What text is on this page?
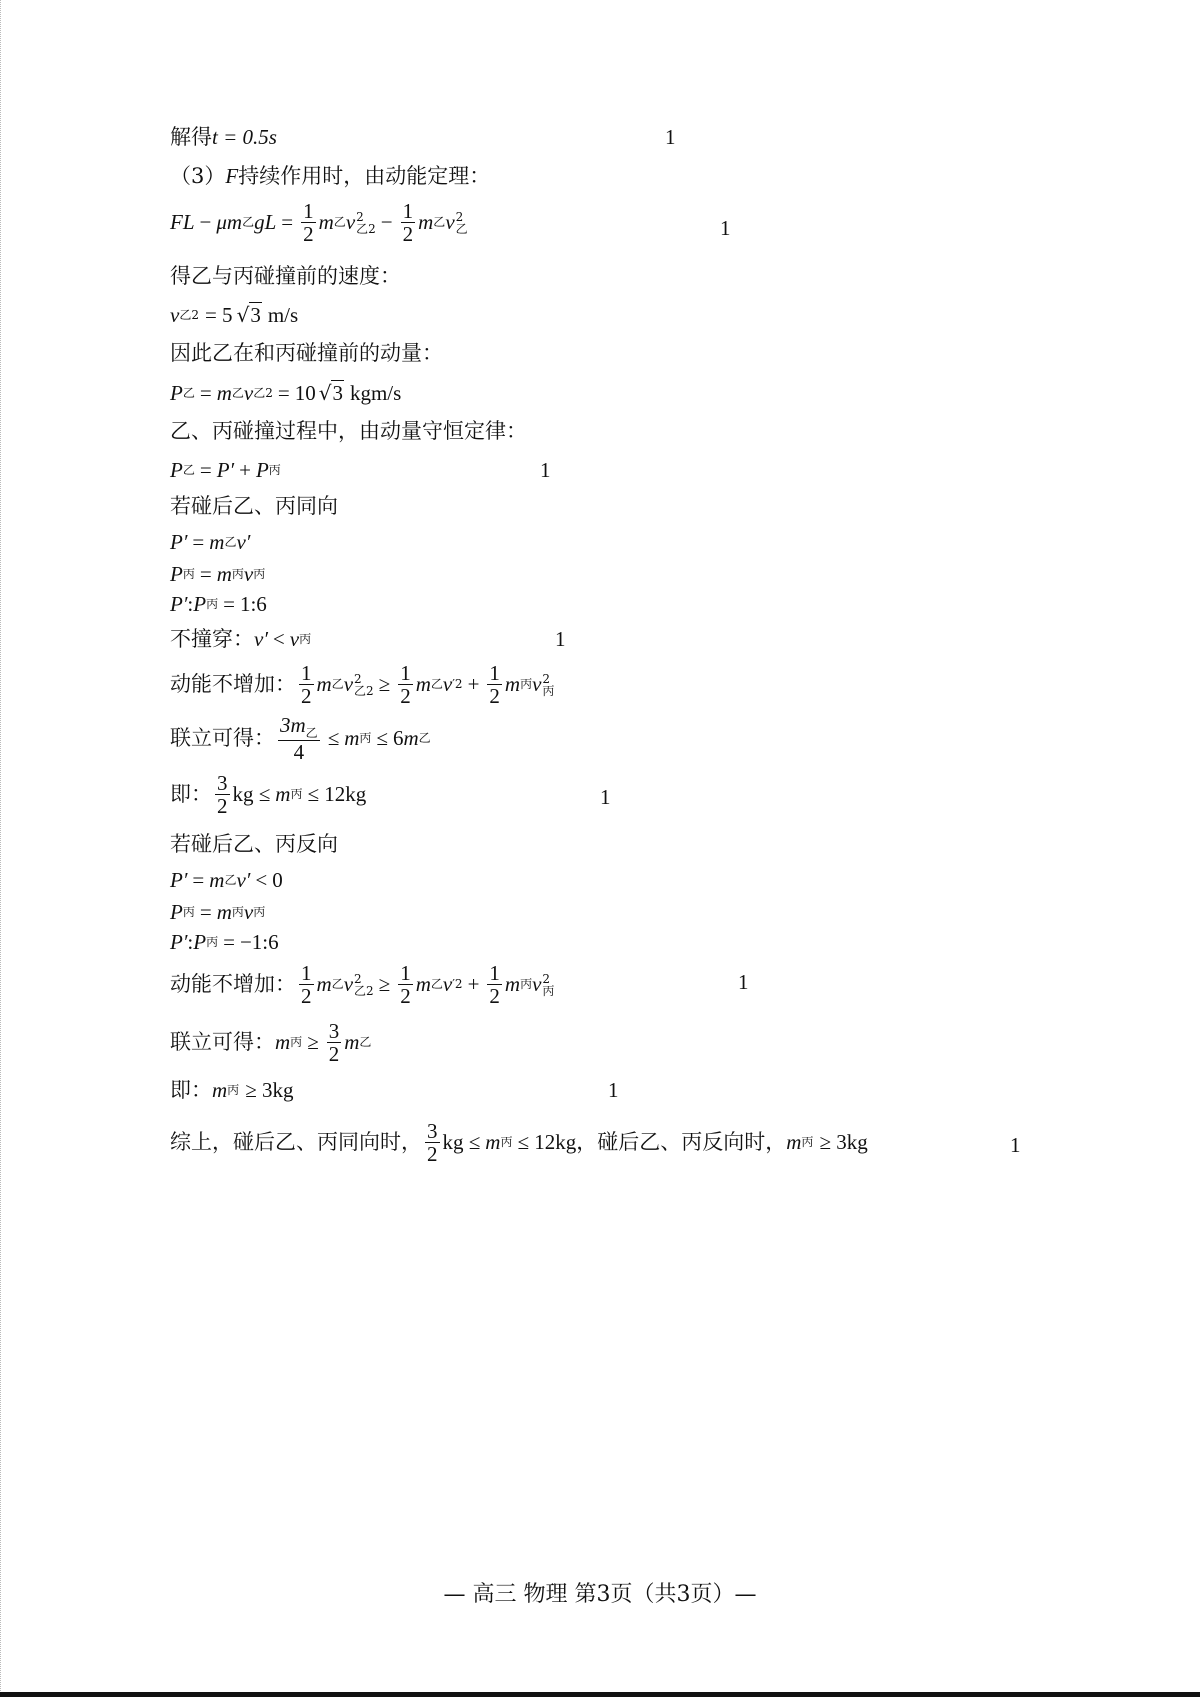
解得 t = 0.5s	1
（3） F 持续作用时，由动能定理：
FL − μm 乙 gL = $\frac{1}{2}$ m 乙 v 2
乙$2 - \frac{1}{2}$ m 乙 v 2
乙	1
得乙与丙碰撞前的速度：
v 乙2 = 5 √ 3 m/s
因此乙在和丙碰撞前的动量：
P 乙 = m 乙 v 乙2 = 10 √ 3 kgm/s
乙、丙碰撞过程中，由动量守恒定律：
P 乙 = P′ + P 丙	1
若碰后乙、丙同向
P′ = m 乙 v′
P 丙 = m 丙 v 丙
P′ : P 丙 = 1:6
不撞穿： v′ < v 丙	1
动能不增加： $\frac{1}{2}$ m 乙 v 2
乙$2 \ge \frac{1}{2}$ m 乙 v $'2 + \frac{1}{2}$ m 丙 v 2
丙
联立可得： $\frac{3m_乙}{4} \le m$ 丙 ≤ 6 m 乙
即： $\frac{3}{2}$ kg ≤ m 丙 ≤ 12kg	1
若碰后乙、丙反向
P′ = m 乙 v′ < 0
P 丙 = m 丙 v 丙
P′ : P 丙 = −1:6
动能不增加： $\frac{1}{2}$ m 乙 v 2
乙$2 \ge \frac{1}{2}$ m 乙 v $'2 + \frac{1}{2}$ m 丙 v 2
丙	1
联立可得： m 丙 ≥ $\frac{3}{2}$ m 乙
即： m 丙 ≥ 3kg	1
综上，碰后乙、丙同向时， $\frac{3}{2}$ kg ≤ m 丙 ≤ 12kg ，碰后乙、丙反向时， m 丙 ≥ 3kg	1
— 高三 物理 第3页（共3页）—
